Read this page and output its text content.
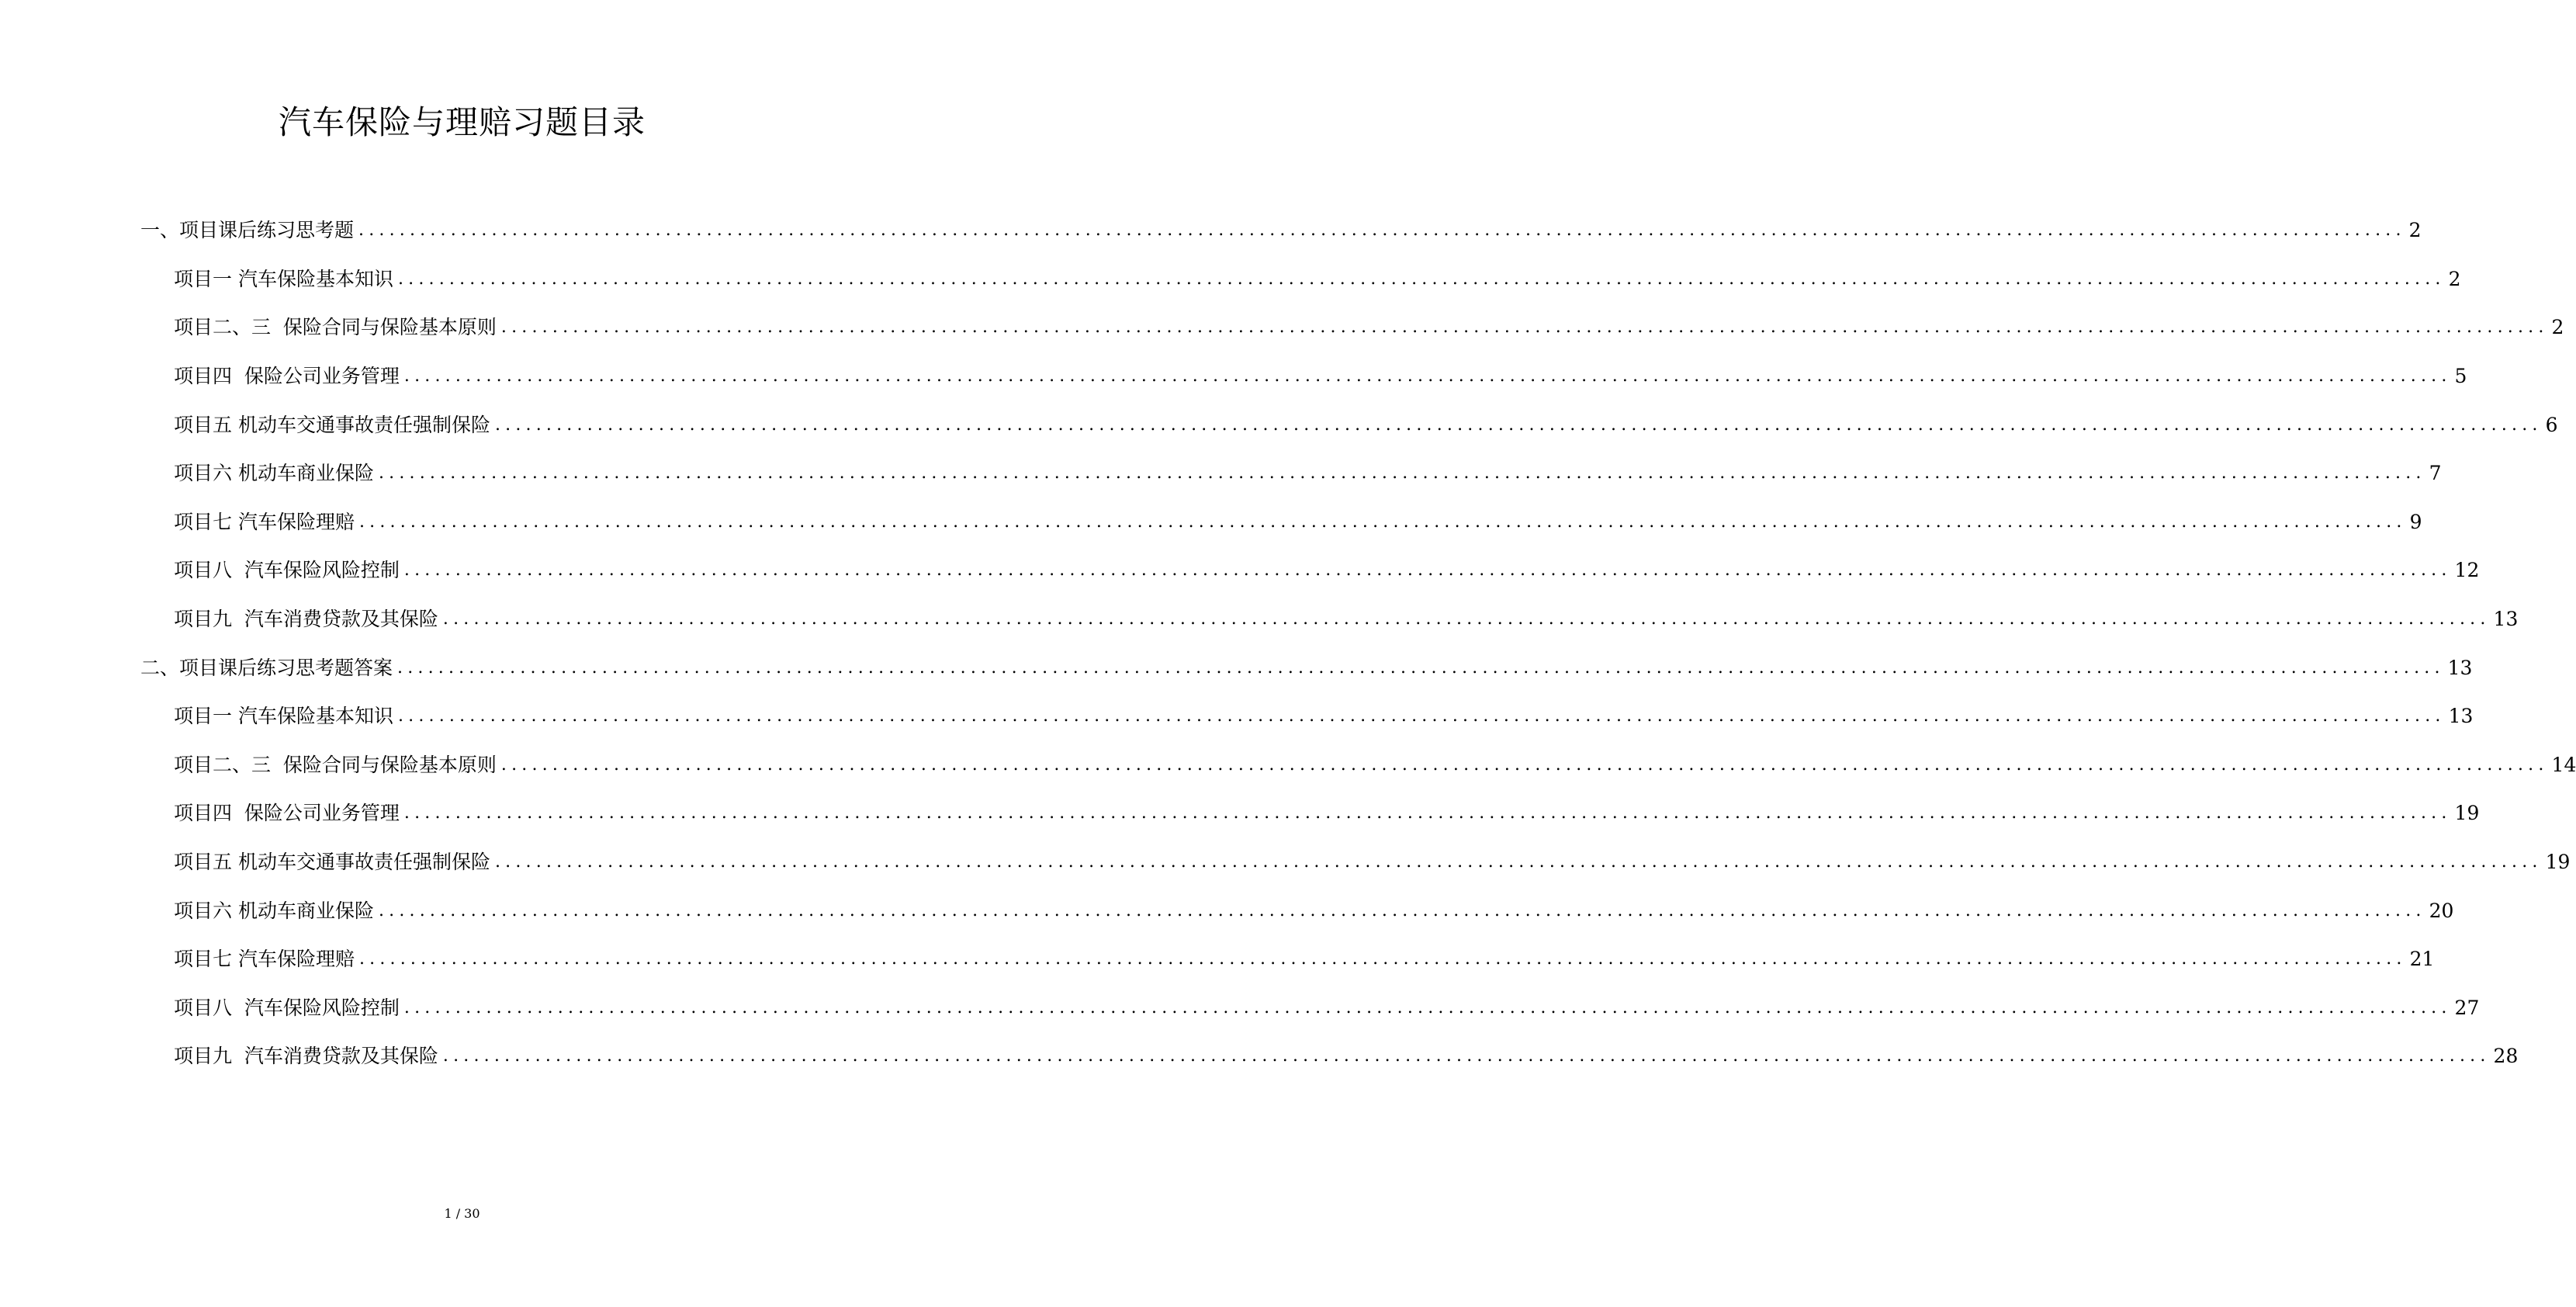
汽车保险与理赔习题目录
一、项目课后练习思考题 ........................................................................................................................................................................................................ 2
项目一 汽车保险基本知识 ........................................................................................................................................................................................................ 2
项目二、三  保险合同与保险基本原则 ........................................................................................................................................................................................................ 2
项目四  保险公司业务管理 ........................................................................................................................................................................................................ 5
项目五 机动车交通事故责任强制保险 ........................................................................................................................................................................................................ 6
项目六 机动车商业保险 ........................................................................................................................................................................................................ 7
项目七 汽车保险理赔 ........................................................................................................................................................................................................ 9
项目八  汽车保险风险控制 ........................................................................................................................................................................................................ 12
项目九  汽车消费贷款及其保险 ........................................................................................................................................................................................................ 13
二、项目课后练习思考题答案 ........................................................................................................................................................................................................ 13
项目一 汽车保险基本知识 ........................................................................................................................................................................................................ 13
项目二、三  保险合同与保险基本原则 ........................................................................................................................................................................................................ 14
项目四  保险公司业务管理 ........................................................................................................................................................................................................ 19
项目五 机动车交通事故责任强制保险 ........................................................................................................................................................................................................ 19
项目六 机动车商业保险 ........................................................................................................................................................................................................ 20
项目七 汽车保险理赔 ........................................................................................................................................................................................................ 21
项目八  汽车保险风险控制 ........................................................................................................................................................................................................ 27
项目九  汽车消费贷款及其保险 ........................................................................................................................................................................................................ 28
1 / 30
